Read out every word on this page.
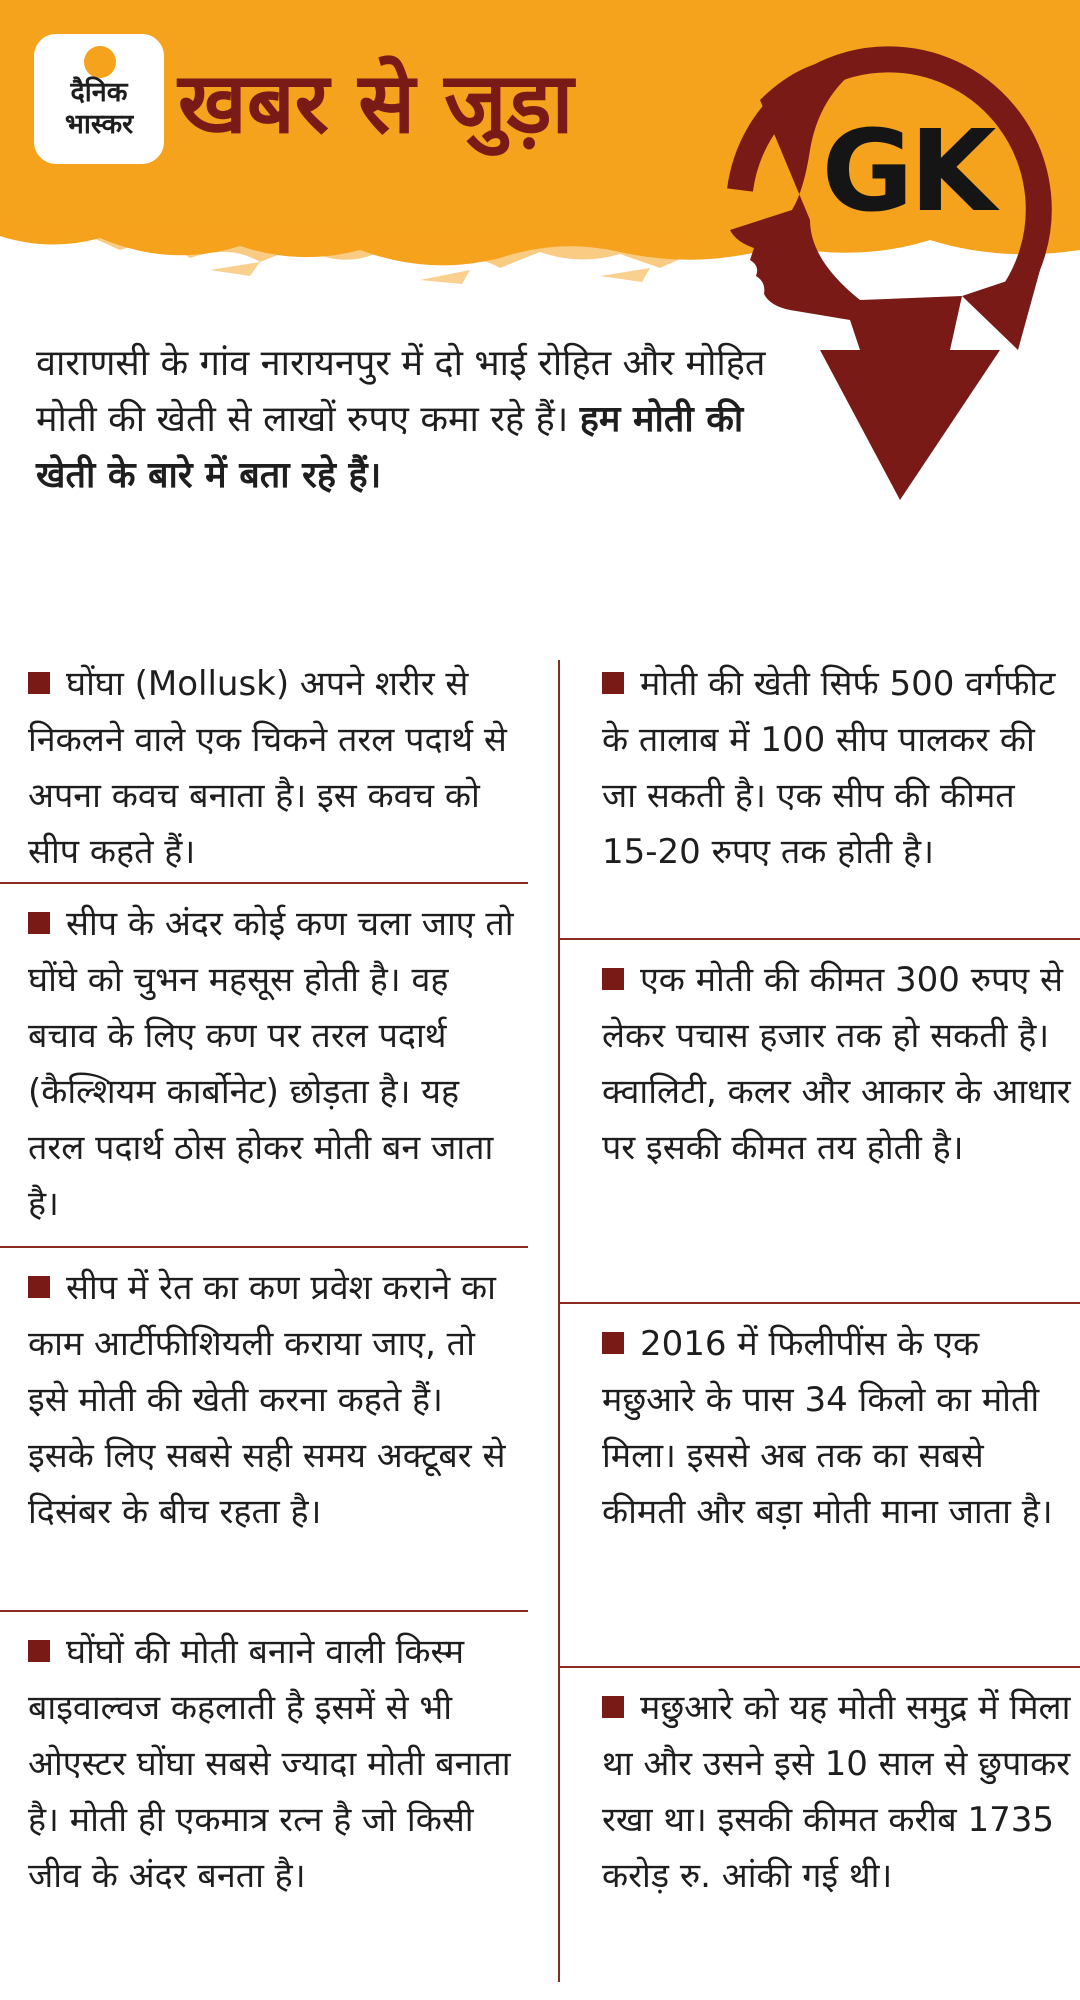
दैनिक
भास्कर खबर से जुड़ा
GK
वाराणसी के गांव नारायनपुर में दो भाई रोहित और मोहित मोती की खेती से लाखों रुपए कमा रहे हैं। हम मोती की खेती के बारे में बता रहे हैं।
घोंघा (Mollusk) अपने शरीर से निकलने वाले एक चिकने तरल पदार्थ से अपना कवच बनाता है। इस कवच को सीप कहते हैं।
सीप के अंदर कोई कण चला जाए तो घोंघे को चुभन महसूस होती है। वह बचाव के लिए कण पर तरल पदार्थ (कैल्शियम कार्बोनेट) छोड़ता है। यह तरल पदार्थ ठोस होकर मोती बन जाता है।
सीप में रेत का कण प्रवेश कराने का काम आर्टीफीशियली कराया जाए, तो इसे मोती की खेती करना कहते हैं। इसके लिए सबसे सही समय अक्टूबर से दिसंबर के बीच रहता है।
घोंघों की मोती बनाने वाली किस्म बाइवाल्वज कहलाती है इसमें से भी ओएस्टर घोंघा सबसे ज्यादा मोती बनाता है। मोती ही एकमात्र रत्न है जो किसी जीव के अंदर बनता है।
मोती की खेती सिर्फ 500 वर्गफीट के तालाब में 100 सीप पालकर की जा सकती है। एक सीप की कीमत 15-20 रुपए तक होती है।
एक मोती की कीमत 300 रुपए से लेकर पचास हजार तक हो सकती है। क्वालिटी, कलर और आकार के आधार पर इसकी कीमत तय होती है।
2016 में फिलीपींस के एक मछुआरे के पास 34 किलो का मोती मिला। इससे अब तक का सबसे कीमती और बड़ा मोती माना जाता है।
मछुआरे को यह मोती समुद्र में मिला था और उसने इसे 10 साल से छुपाकर रखा था। इसकी कीमत करीब 1735 करोड़ रु. आंकी गई थी।
